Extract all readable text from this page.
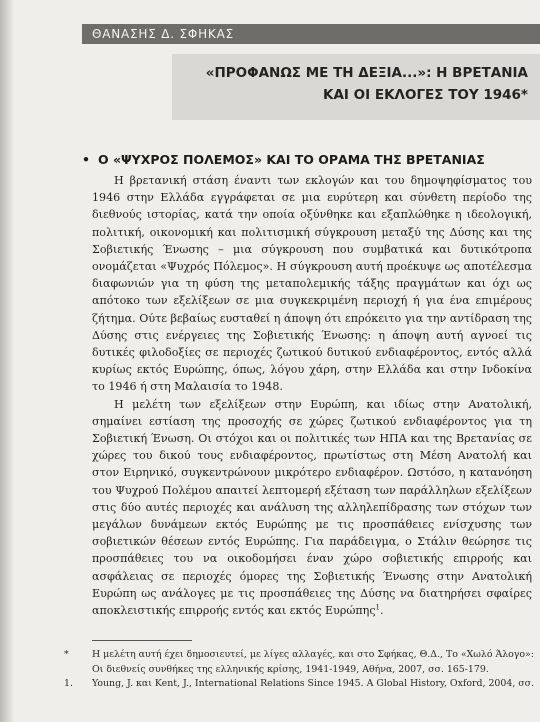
ΘΑΝΑΣΗΣ Δ. ΣΦΗΚΑΣ
«ΠΡΟΦΑΝΩΣ ΜΕ ΤΗ ΔΕΞΙΑ...»: Η ΒΡΕΤΑΝΙΑ
ΚΑΙ ΟΙ ΕΚΛΟΓΕΣ ΤΟΥ 1946*
• Ο «ΨΥΧΡΟΣ ΠΟΛΕΜΟΣ» ΚΑΙ ΤΟ ΟΡΑΜΑ ΤΗΣ ΒΡΕΤΑΝΙΑΣ

Η βρετανική στάση έναντι των εκλογών και του δημοψηφίσματος του 1946 στην Ελλάδα εγγράφεται σε μια ευρύτερη και σύνθετη περίοδο της διεθνούς ιστορίας, κατά την οποία οξύνθηκε και εξαπλώθηκε η ιδεολογική, πολιτική, οικονομική και πολιτισμική σύγκρουση μεταξύ της Δύσης και της Σοβιετικής Ένωσης – μια σύγκρουση που συμβατικά και δυτικότροπα ονομάζεται «Ψυχρός Πόλεμος». Η σύγκρουση αυτή προέκυψε ως αποτέλεσμα διαφωνιών για τη φύση της μεταπολεμικής τάξης πραγμάτων και όχι ως απότοκο των εξελίξεων σε μια συγκεκριμένη περιοχή ή για ένα επιμέρους ζήτημα. Ούτε βεβαίως ευσταθεί η άποψη ότι επρόκειτο για την αντίδραση της Δύσης στις ενέργειες της Σοβιετικής Ένωσης: η άποψη αυτή αγνοεί τις δυτικές φιλοδοξίες σε περιοχές ζωτικού δυτικού ενδιαφέροντος, εντός αλλά κυρίως εκτός Ευρώπης, όπως, λόγου χάρη, στην Ελλάδα και στην Ινδοκίνα το 1946 ή στη Μαλαισία το 1948.

Η μελέτη των εξελίξεων στην Ευρώπη, και ιδίως στην Ανατολική, σημαίνει εστίαση της προσοχής σε χώρες ζωτικού ενδιαφέροντος για τη Σοβιετική Ένωση. Οι στόχοι και οι πολιτικές των ΗΠΑ και της Βρετανίας σε χώρες του δικού τους ενδιαφέροντος, πρωτίστως στη Μέση Ανατολή και στον Ειρηνικό, συγκεντρώνουν μικρότερο ενδιαφέρον. Ωστόσο, η κατανόηση του Ψυχρού Πολέμου απαιτεί λεπτομερή εξέταση των παράλληλων εξελίξεων στις δύο αυτές περιοχές και ανάλυση της αλληλεπίδρασης των στόχων των μεγάλων δυνάμεων εκτός Ευρώπης με τις προσπάθειες ενίσχυσης των σοβιετικών θέσεων εντός Ευρώπης. Για παράδειγμα, ο Στάλιν θεώρησε τις προσπάθειες του να οικοδομήσει έναν χώρο σοβιετικής επιρροής και ασφάλειας σε περιοχές όμορες της Σοβιετικής Ένωσης στην Ανατολική Ευρώπη ως ανάλογες με τις προσπάθειες της Δύσης να διατηρήσει σφαίρες αποκλειστικής επιρροής εντός και εκτός Ευρώπης$^1$.

* Η μελέτη αυτή έχει δημοσιευτεί, με λίγες αλλαγές, και στο Σφήκας, Θ.Δ., Το «Χωλό Άλογο»: Οι διεθνείς συνθήκες της ελληνικής κρίσης, 1941-1949, Αθήνα, 2007, σσ. 165-179.
1. Young, J. και Kent, J., International Relations Since 1945. A Global History, Oxford, 2004, σσ.
